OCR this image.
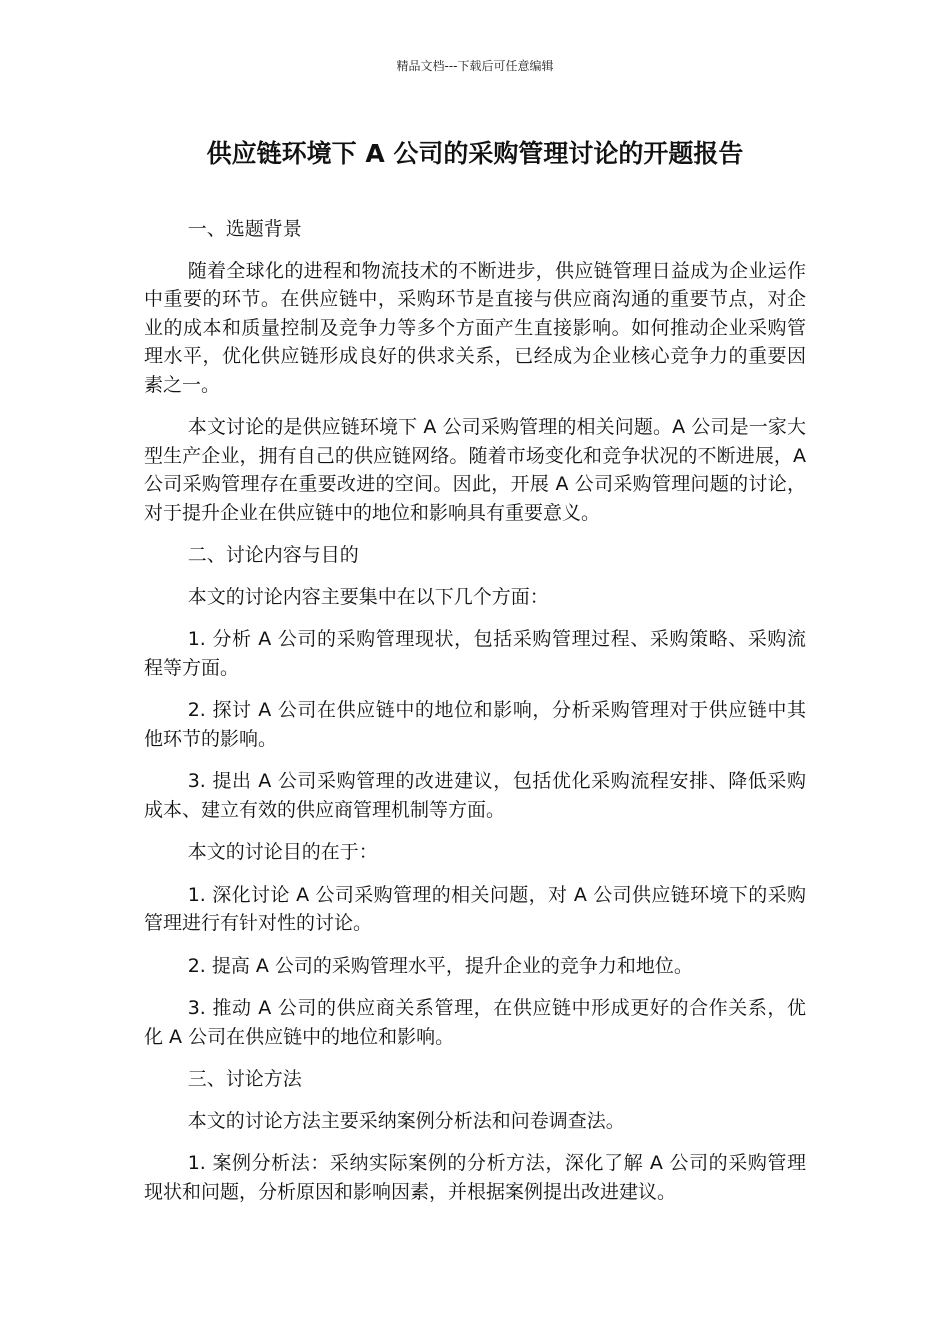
精品文档---下载后可任意编辑
供应链环境下 A 公司的采购管理讨论的开题报告

一、选题背景

随着全球化的进程和物流技术的不断进步，供应链管理日益成为企业运作中重要的环节。在供应链中，采购环节是直接与供应商沟通的重要节点，对企业的成本和质量控制及竞争力等多个方面产生直接影响。如何推动企业采购管理水平，优化供应链形成良好的供求关系，已经成为企业核心竞争力的重要因素之一。

本文讨论的是供应链环境下 A 公司采购管理的相关问题。A 公司是一家大型生产企业，拥有自己的供应链网络。随着市场变化和竞争状况的不断进展，A 公司采购管理存在重要改进的空间。因此，开展 A 公司采购管理问题的讨论，对于提升企业在供应链中的地位和影响具有重要意义。

二、讨论内容与目的

本文的讨论内容主要集中在以下几个方面：

1. 分析 A 公司的采购管理现状，包括采购管理过程、采购策略、采购流程等方面。

2. 探讨 A 公司在供应链中的地位和影响，分析采购管理对于供应链中其他环节的影响。

3. 提出 A 公司采购管理的改进建议，包括优化采购流程安排、降低采购成本、建立有效的供应商管理机制等方面。

本文的讨论目的在于：

1. 深化讨论 A 公司采购管理的相关问题，对 A 公司供应链环境下的采购管理进行有针对性的讨论。

2. 提高 A 公司的采购管理水平，提升企业的竞争力和地位。

3. 推动 A 公司的供应商关系管理，在供应链中形成更好的合作关系，优化 A 公司在供应链中的地位和影响。

三、讨论方法

本文的讨论方法主要采纳案例分析法和问卷调查法。

1. 案例分析法：采纳实际案例的分析方法，深化了解 A 公司的采购管理现状和问题，分析原因和影响因素，并根据案例提出改进建议。
